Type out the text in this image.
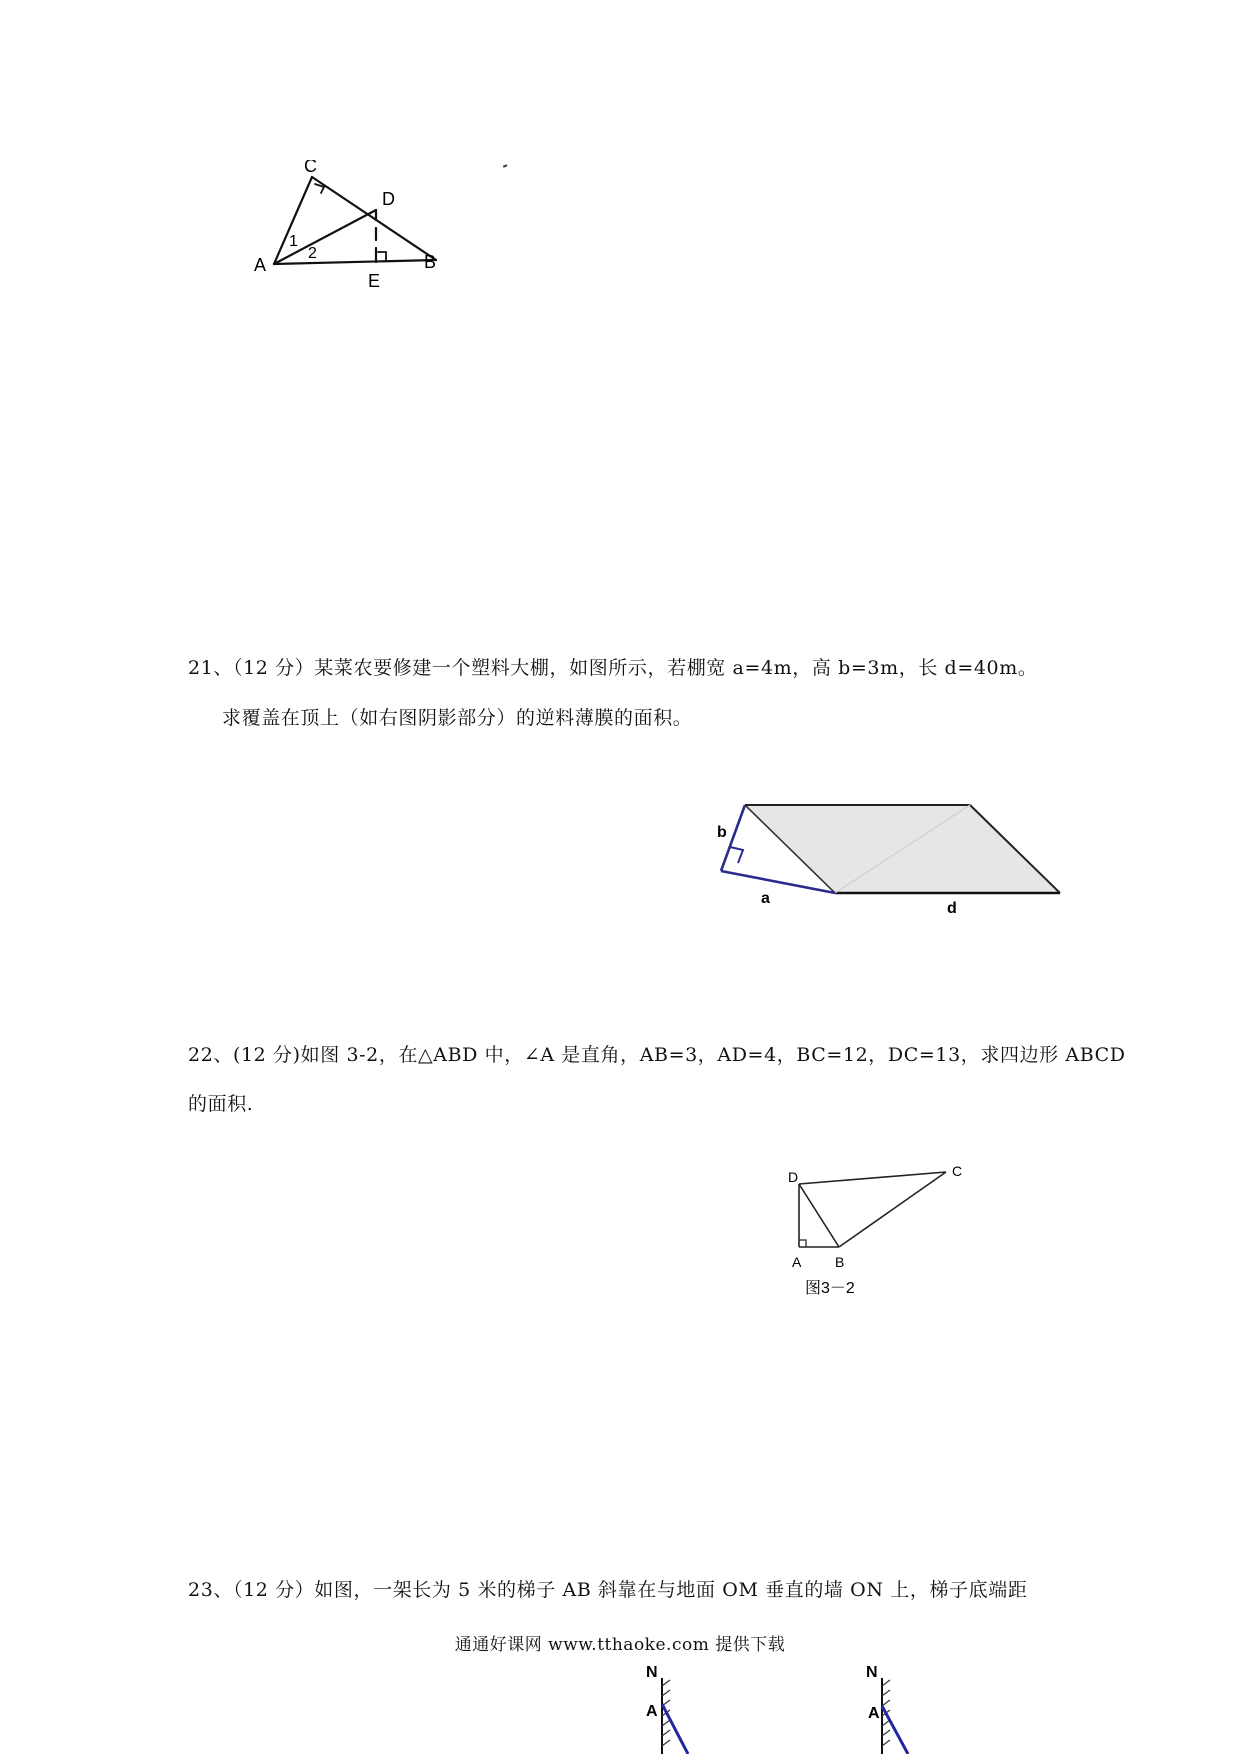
C
D
A	B
E
1
2
21、（12 分）某菜农要修建一个塑料大棚，如图所示，若棚宽 a=4m，高 b=3m，长 d=40m。
求覆盖在顶上（如右图阴影部分）的逆料薄膜的面积。
b
a
d
22、(12 分)如图 3-2，在△ABD 中，∠A 是直角，AB=3，AD=4，BC=12，DC=13，求四边形 ABCD
的面积.
D	C
A B
图3－2
23、（12 分）如图，一架长为 5 米的梯子 AB 斜靠在与地面 OM 垂直的墙 ON 上，梯子底端距
通通好课网 www.tthaoke.com 提供下载
N
A
N
A
